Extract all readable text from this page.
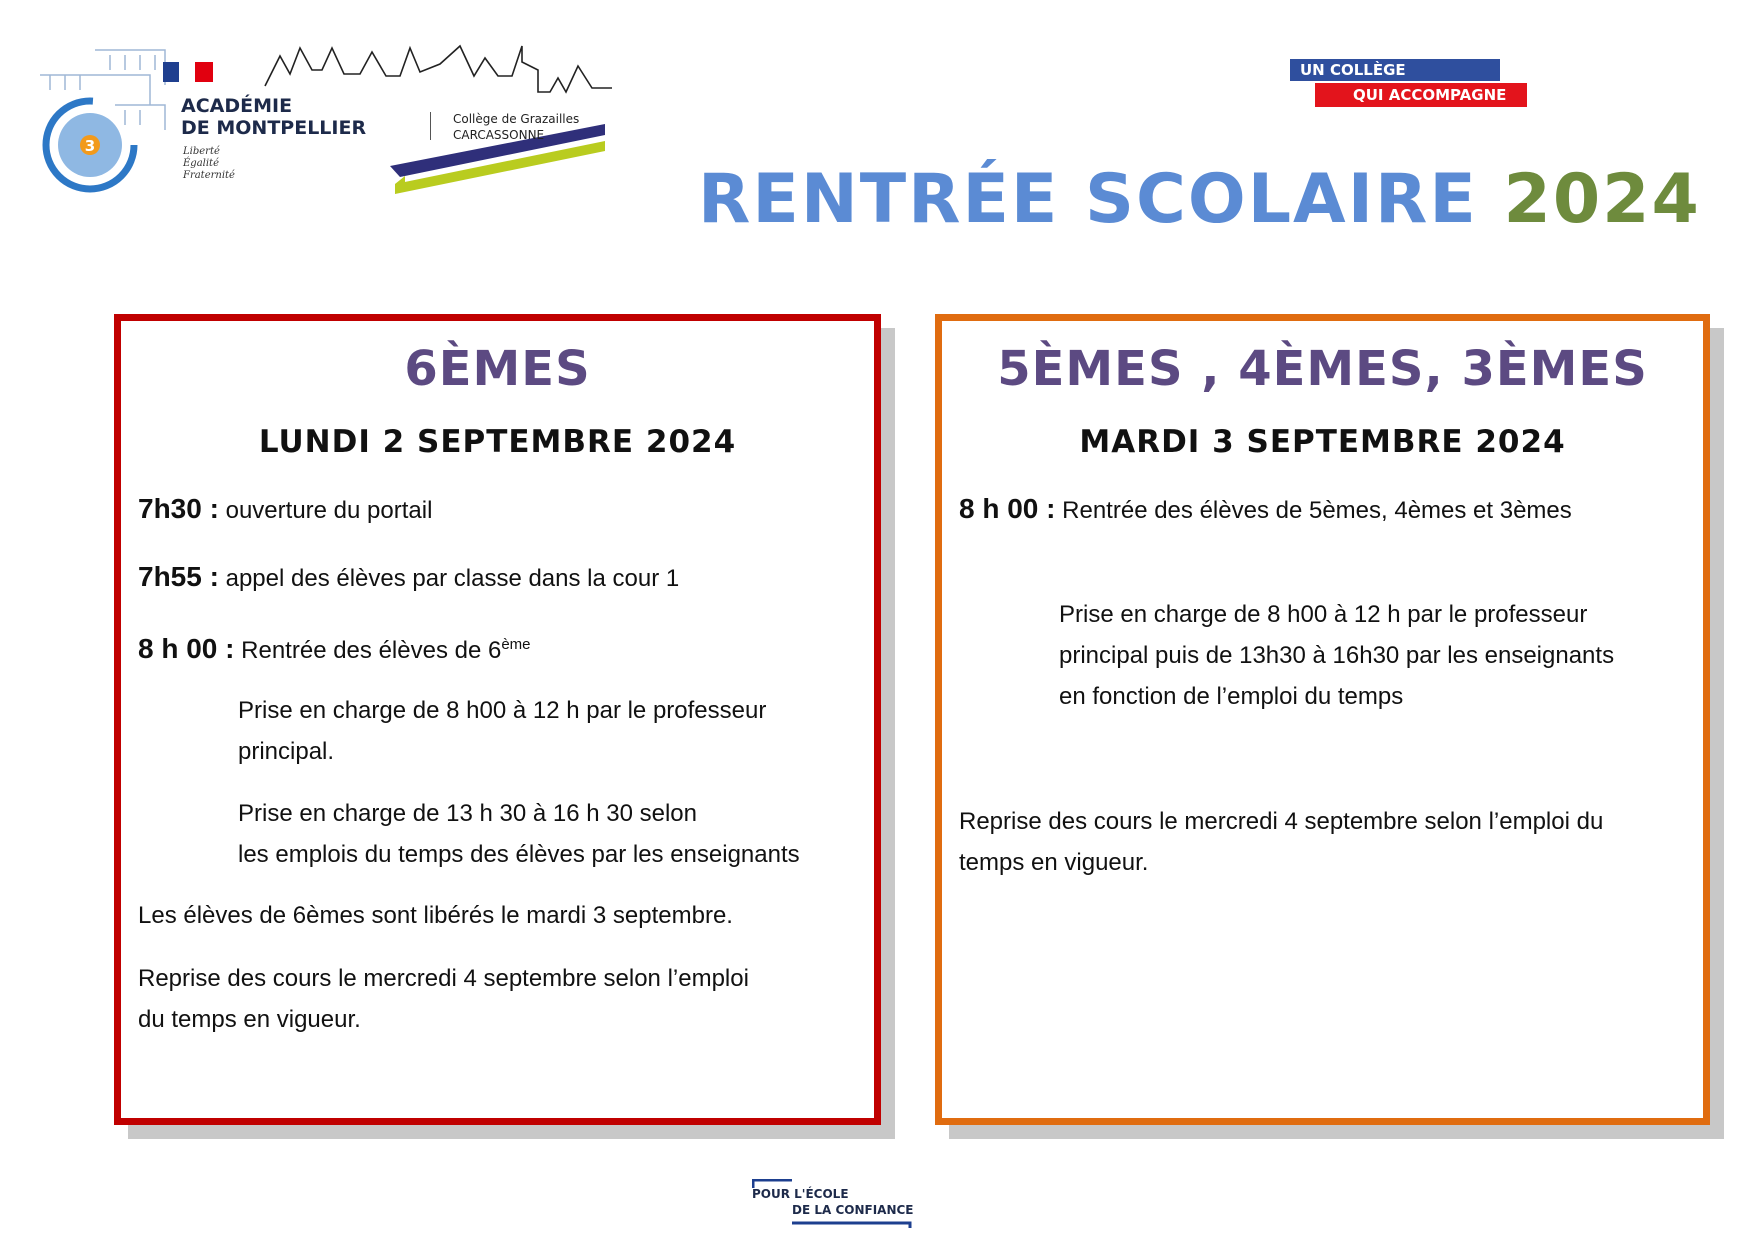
3
ACADÉMIE
DE MONTPELLIER
Liberté
Égalité
Fraternité
Collège de Grazailles
CARCASSONNE
UN COLLÈGE
QUI ACCOMPAGNE
RENTRÉE SCOLAIRE 2024
6ÈMES
LUNDI 2 SEPTEMBRE 2024
7h30 : ouverture du portail
7h55 : appel des élèves par classe dans la cour 1
8 h 00 : Rentrée des élèves de 6ème
Prise en charge de 8 h00 à 12 h par le professeur
principal.
Prise en charge de 13 h 30 à 16 h 30 selon
les emplois du temps des élèves par les enseignants
Les élèves de 6èmes sont libérés le mardi 3 septembre.
Reprise des cours le mercredi 4 septembre selon l’emploi
du temps en vigueur.
5ÈMES , 4ÈMES, 3ÈMES
MARDI 3 SEPTEMBRE 2024
8 h 00 : Rentrée des élèves de 5èmes, 4èmes et 3èmes
Prise en charge de 8 h00 à 12 h par le professeur
principal puis de 13h30 à 16h30 par les enseignants
en fonction de l’emploi du temps
Reprise des cours le mercredi 4 septembre selon l’emploi du
temps en vigueur.
POUR L'ÉCOLE
DE LA CONFIANCE
